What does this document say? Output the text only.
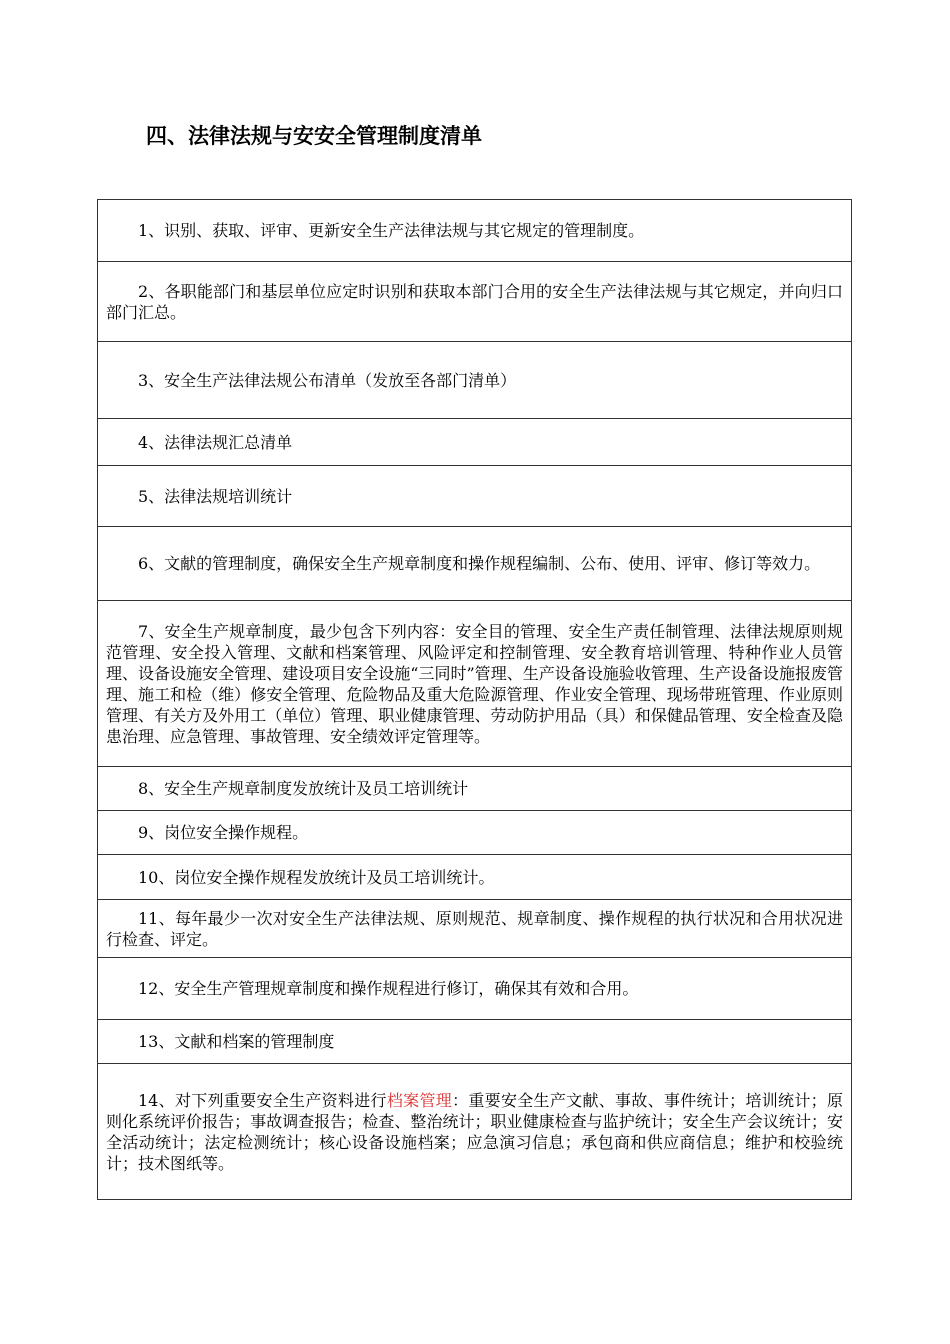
四、法律法规与安安全管理制度清单
1、识别、获取、评审、更新安全生产法律法规与其它规定的管理制度。
2、各职能部门和基层单位应定时识别和获取本部门合用的安全生产法律法规与其它规定，并向归口部门汇总。
3、安全生产法律法规公布清单（发放至各部门清单）
4、法律法规汇总清单
5、法律法规培训统计
6、文献的管理制度，确保安全生产规章制度和操作规程编制、公布、使用、评审、修订等效力。
7、安全生产规章制度，最少包含下列内容：安全目的管理、安全生产责任制管理、法律法规原则规范管理、安全投入管理、文献和档案管理、风险评定和控制管理、安全教育培训管理、特种作业人员管理、设备设施安全管理、建设项目安全设施“三同时”管理、生产设备设施验收管理、生产设备设施报废管理、施工和检（维）修安全管理、危险物品及重大危险源管理、作业安全管理、现场带班管理、作业原则管理、有关方及外用工（单位）管理、职业健康管理、劳动防护用品（具）和保健品管理、安全检查及隐患治理、应急管理、事故管理、安全绩效评定管理等。
8、安全生产规章制度发放统计及员工培训统计
9、岗位安全操作规程。
10、岗位安全操作规程发放统计及员工培训统计。
11、每年最少一次对安全生产法律法规、原则规范、规章制度、操作规程的执行状况和合用状况进行检查、评定。
12、安全生产管理规章制度和操作规程进行修订，确保其有效和合用。
13、文献和档案的管理制度
14、对下列重要安全生产资料进行档案管理：重要安全生产文献、事故、事件统计；培训统计；原则化系统评价报告；事故调查报告；检查、整治统计；职业健康检查与监护统计；安全生产会议统计；安全活动统计；法定检测统计；核心设备设施档案；应急演习信息；承包商和供应商信息；维护和校验统计；技术图纸等。
